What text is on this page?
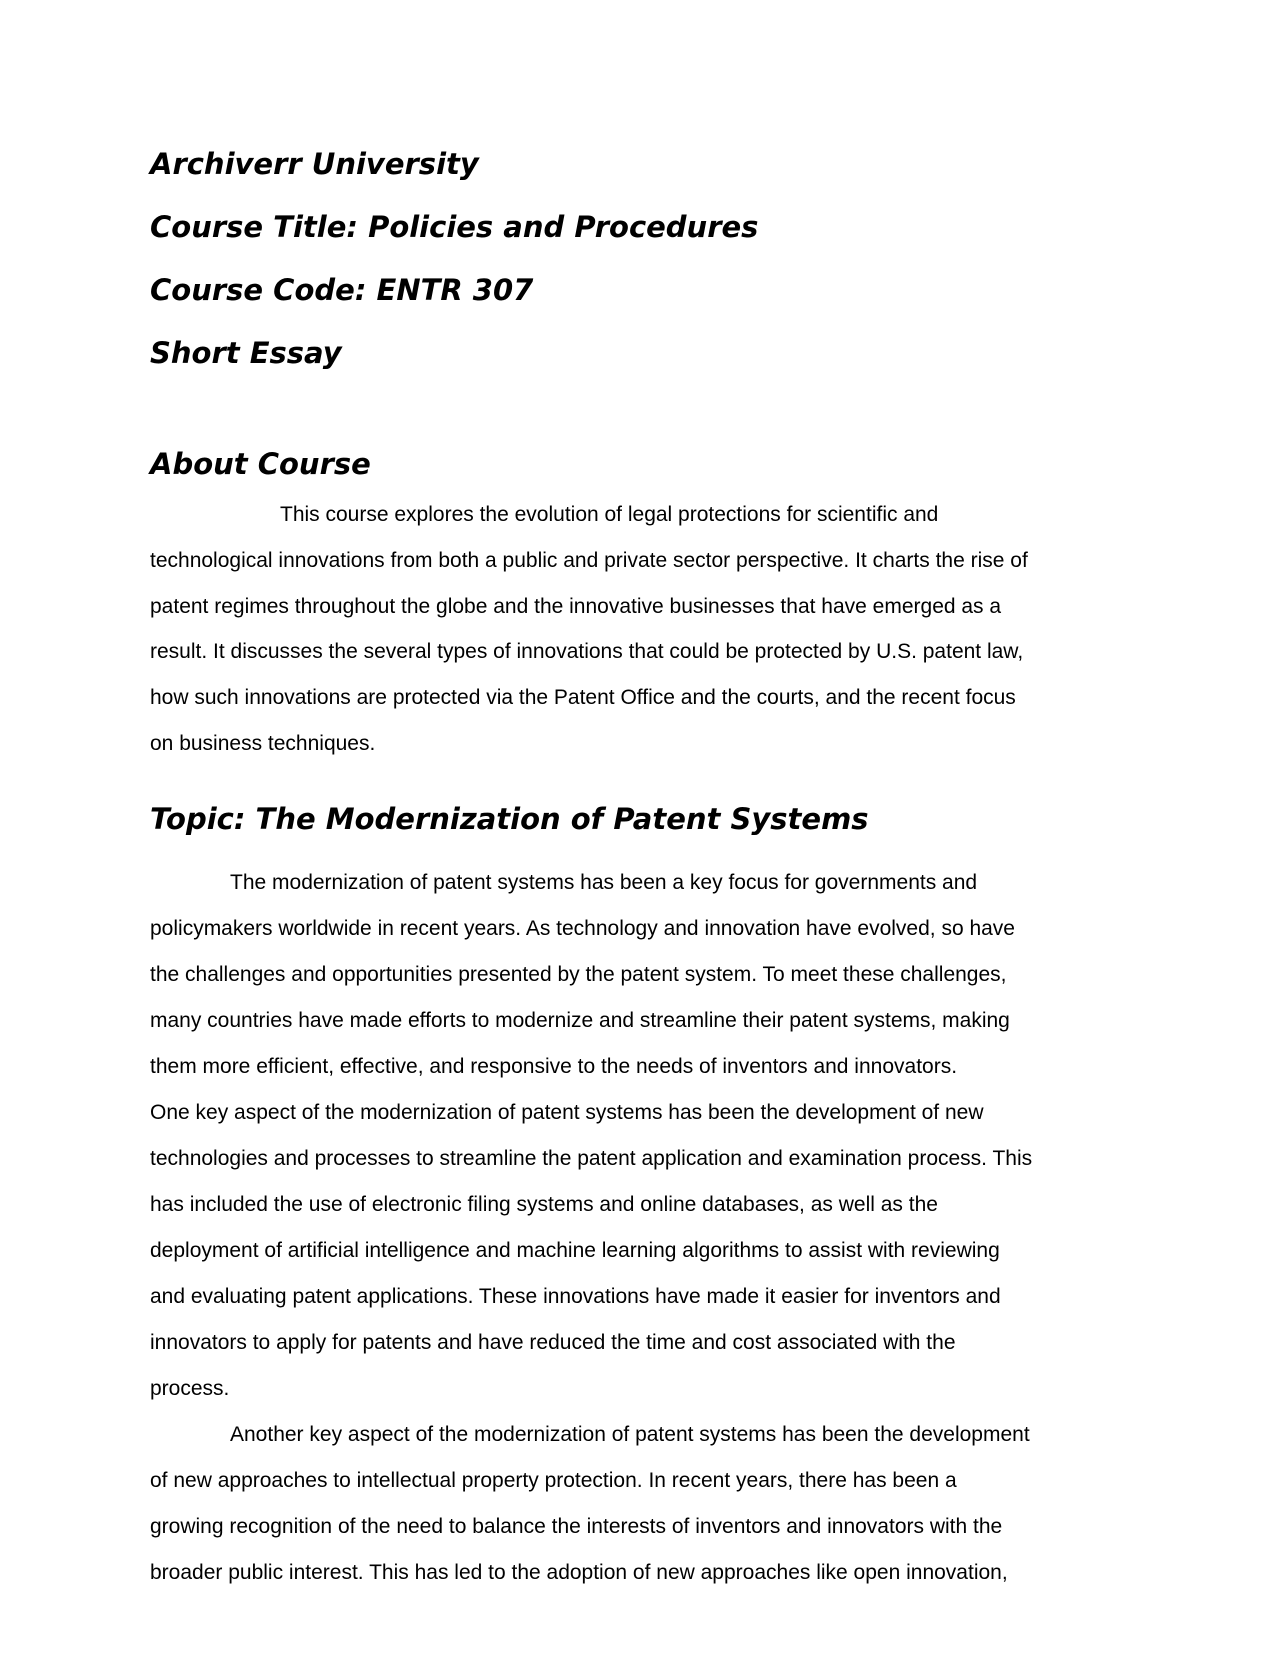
Archiverr University
Course Title: Policies and Procedures
Course Code: ENTR 307
Short Essay
About Course
This course explores the evolution of legal protections for scientific and
technological innovations from both a public and private sector perspective. It charts the rise of
patent regimes throughout the globe and the innovative businesses that have emerged as a
result. It discusses the several types of innovations that could be protected by U.S. patent law,
how such innovations are protected via the Patent Office and the courts, and the recent focus
on business techniques.
Topic: The Modernization of Patent Systems
The modernization of patent systems has been a key focus for governments and
policymakers worldwide in recent years. As technology and innovation have evolved, so have
the challenges and opportunities presented by the patent system. To meet these challenges,
many countries have made efforts to modernize and streamline their patent systems, making
them more efficient, effective, and responsive to the needs of inventors and innovators.
One key aspect of the modernization of patent systems has been the development of new
technologies and processes to streamline the patent application and examination process. This
has included the use of electronic filing systems and online databases, as well as the
deployment of artificial intelligence and machine learning algorithms to assist with reviewing
and evaluating patent applications. These innovations have made it easier for inventors and
innovators to apply for patents and have reduced the time and cost associated with the
process.
Another key aspect of the modernization of patent systems has been the development
of new approaches to intellectual property protection. In recent years, there has been a
growing recognition of the need to balance the interests of inventors and innovators with the
broader public interest. This has led to the adoption of new approaches like open innovation,
